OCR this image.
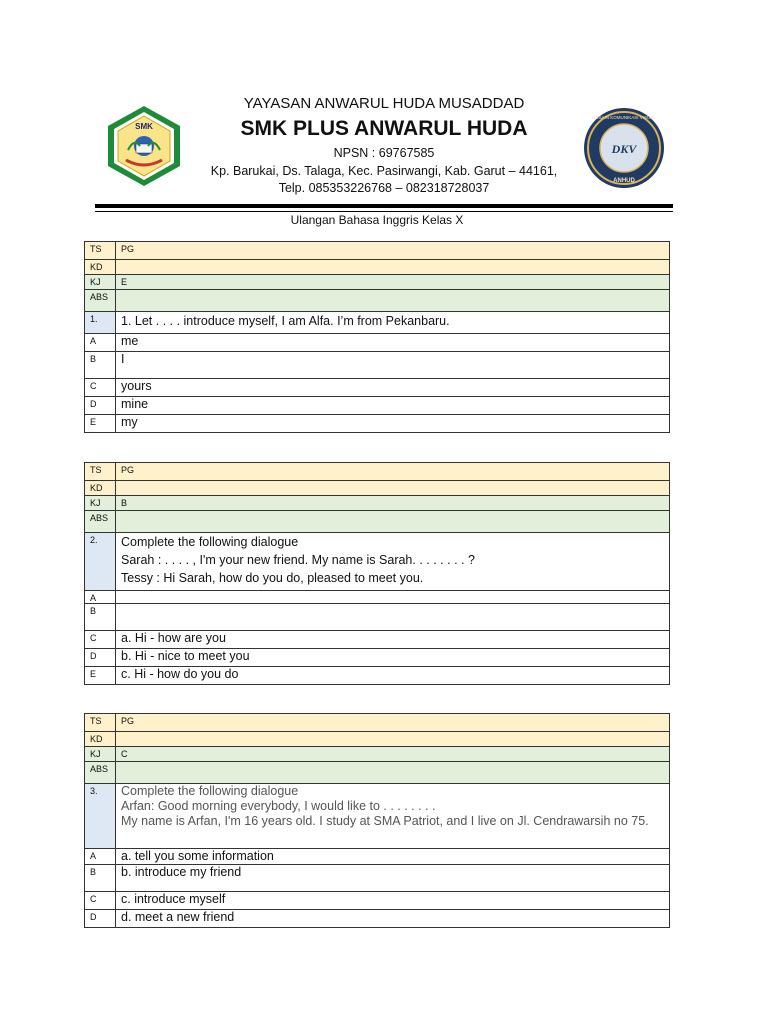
SMK
DKV
DESAIN KOMUNIKASI VISUAL
ANHUD
YAYASAN ANWARUL HUDA MUSADDAD
SMK PLUS ANWARUL HUDA
NPSN : 69767585
Kp. Barukai, Ds. Talaga, Kec. Pasirwangi, Kab. Garut – 44161,
Telp. 085353226768 – 082318728037
Ulangan Bahasa Inggris Kelas X
TS	PG
KD	
KJ	E
ABS	
1.	1. Let . . . . introduce myself, I am Alfa. I’m from Pekanbaru.

A	me
B	I
C	yours
D	mine
E	my
TS	PG
KD	
KJ	B
ABS	
2.	Complete the following dialogue
Sarah : . . . . , I'm your new friend. My name is Sarah. . . . . . . . ?
Tessy : Hi Sarah, how do you do, pleased to meet you.

A	
B	
C	a. Hi - how are you
D	b. Hi - nice to meet you
E	c. Hi - how do you do
TS	PG
KD	
KJ	C
ABS	
3.	Complete the following dialogue
Arfan: Good morning everybody, I would like to . . . . . . . .
My name is Arfan, I'm 16 years old. I study at SMA Patriot, and I live on Jl. Cendrawarsih no 75.

A	a. tell you some information
B	b. introduce my friend
C	c. introduce myself
D	d. meet a new friend
